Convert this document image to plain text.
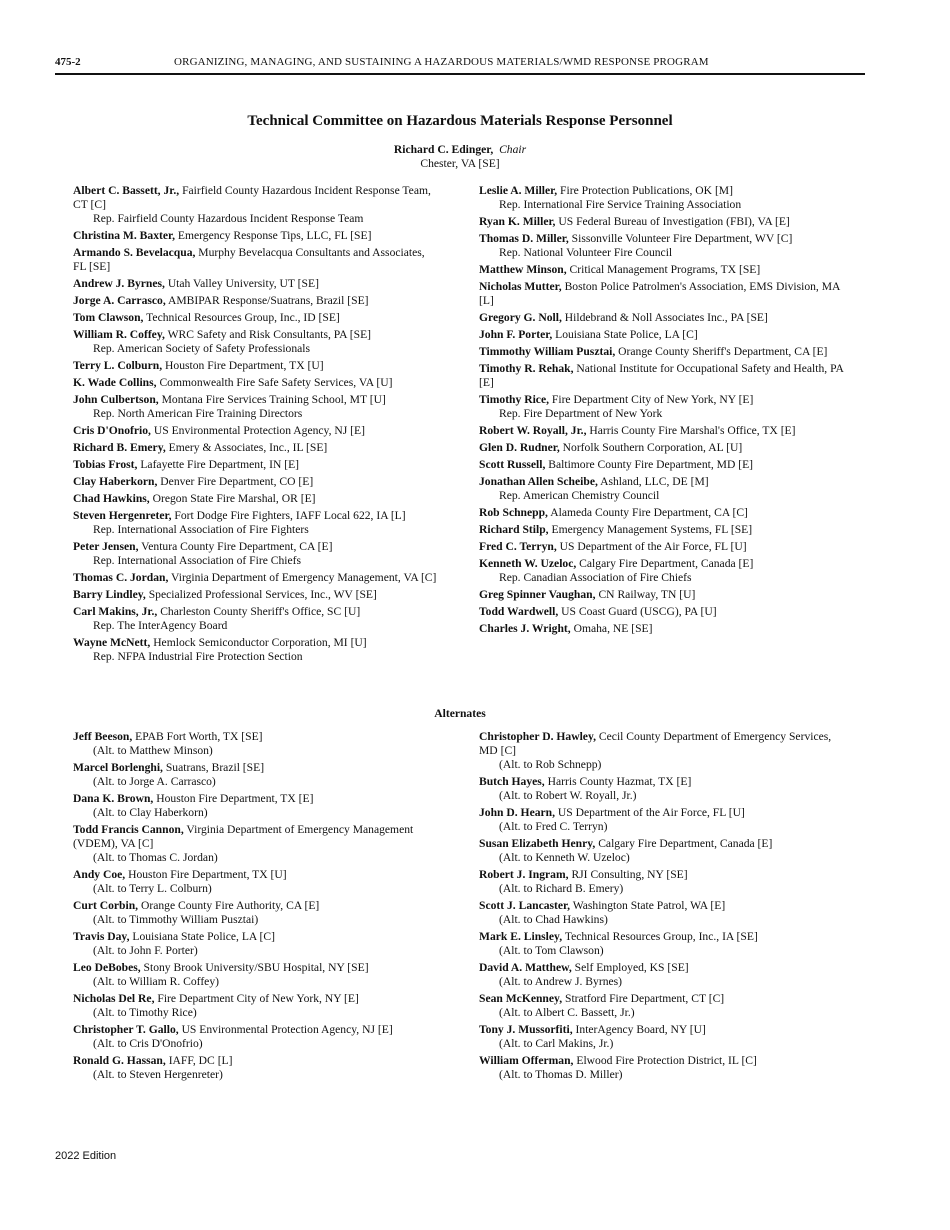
475-2	ORGANIZING, MANAGING, AND SUSTAINING A HAZARDOUS MATERIALS/WMD RESPONSE PROGRAM
Technical Committee on Hazardous Materials Response Personnel
Richard C. Edinger, Chair
Chester, VA [SE]
Albert C. Bassett, Jr., Fairfield County Hazardous Incident Response Team, CT [C]
Rep. Fairfield County Hazardous Incident Response Team
Christina M. Baxter, Emergency Response Tips, LLC, FL [SE]
Armando S. Bevelacqua, Murphy Bevelacqua Consultants and Associates, FL [SE]
Andrew J. Byrnes, Utah Valley University, UT [SE]
Jorge A. Carrasco, AMBIPAR Response/Suatrans, Brazil [SE]
Tom Clawson, Technical Resources Group, Inc., ID [SE]
William R. Coffey, WRC Safety and Risk Consultants, PA [SE]
Rep. American Society of Safety Professionals
Terry L. Colburn, Houston Fire Department, TX [U]
K. Wade Collins, Commonwealth Fire Safe Safety Services, VA [U]
John Culbertson, Montana Fire Services Training School, MT [U]
Rep. North American Fire Training Directors
Cris D'Onofrio, US Environmental Protection Agency, NJ [E]
Richard B. Emery, Emery & Associates, Inc., IL [SE]
Tobias Frost, Lafayette Fire Department, IN [E]
Clay Haberkorn, Denver Fire Department, CO [E]
Chad Hawkins, Oregon State Fire Marshal, OR [E]
Steven Hergenreter, Fort Dodge Fire Fighters, IAFF Local 622, IA [L]
Rep. International Association of Fire Fighters
Peter Jensen, Ventura County Fire Department, CA [E]
Rep. International Association of Fire Chiefs
Thomas C. Jordan, Virginia Department of Emergency Management, VA [C]
Barry Lindley, Specialized Professional Services, Inc., WV [SE]
Carl Makins, Jr., Charleston County Sheriff's Office, SC [U]
Rep. The InterAgency Board
Wayne McNett, Hemlock Semiconductor Corporation, MI [U]
Rep. NFPA Industrial Fire Protection Section
Leslie A. Miller, Fire Protection Publications, OK [M]
Rep. International Fire Service Training Association
Ryan K. Miller, US Federal Bureau of Investigation (FBI), VA [E]
Thomas D. Miller, Sissonville Volunteer Fire Department, WV [C]
Rep. National Volunteer Fire Council
Matthew Minson, Critical Management Programs, TX [SE]
Nicholas Mutter, Boston Police Patrolmen's Association, EMS Division, MA [L]
Gregory G. Noll, Hildebrand & Noll Associates Inc., PA [SE]
John F. Porter, Louisiana State Police, LA [C]
Timmothy William Pusztai, Orange County Sheriff's Department, CA [E]
Timothy R. Rehak, National Institute for Occupational Safety and Health, PA [E]
Timothy Rice, Fire Department City of New York, NY [E]
Rep. Fire Department of New York
Robert W. Royall, Jr., Harris County Fire Marshal's Office, TX [E]
Glen D. Rudner, Norfolk Southern Corporation, AL [U]
Scott Russell, Baltimore County Fire Department, MD [E]
Jonathan Allen Scheibe, Ashland, LLC, DE [M]
Rep. American Chemistry Council
Rob Schnepp, Alameda County Fire Department, CA [C]
Richard Stilp, Emergency Management Systems, FL [SE]
Fred C. Terryn, US Department of the Air Force, FL [U]
Kenneth W. Uzeloc, Calgary Fire Department, Canada [E]
Rep. Canadian Association of Fire Chiefs
Greg Spinner Vaughan, CN Railway, TN [U]
Todd Wardwell, US Coast Guard (USCG), PA [U]
Charles J. Wright, Omaha, NE [SE]
Alternates
Jeff Beeson, EPAB Fort Worth, TX [SE]
(Alt. to Matthew Minson)
Marcel Borlenghi, Suatrans, Brazil [SE]
(Alt. to Jorge A. Carrasco)
Dana K. Brown, Houston Fire Department, TX [E]
(Alt. to Clay Haberkorn)
Todd Francis Cannon, Virginia Department of Emergency Management (VDEM), VA [C]
(Alt. to Thomas C. Jordan)
Andy Coe, Houston Fire Department, TX [U]
(Alt. to Terry L. Colburn)
Curt Corbin, Orange County Fire Authority, CA [E]
(Alt. to Timmothy William Pusztai)
Travis Day, Louisiana State Police, LA [C]
(Alt. to John F. Porter)
Leo DeBobes, Stony Brook University/SBU Hospital, NY [SE]
(Alt. to William R. Coffey)
Nicholas Del Re, Fire Department City of New York, NY [E]
(Alt. to Timothy Rice)
Christopher T. Gallo, US Environmental Protection Agency, NJ [E]
(Alt. to Cris D'Onofrio)
Ronald G. Hassan, IAFF, DC [L]
(Alt. to Steven Hergenreter)
Christopher D. Hawley, Cecil County Department of Emergency Services, MD [C]
(Alt. to Rob Schnepp)
Butch Hayes, Harris County Hazmat, TX [E]
(Alt. to Robert W. Royall, Jr.)
John D. Hearn, US Department of the Air Force, FL [U]
(Alt. to Fred C. Terryn)
Susan Elizabeth Henry, Calgary Fire Department, Canada [E]
(Alt. to Kenneth W. Uzeloc)
Robert J. Ingram, RJI Consulting, NY [SE]
(Alt. to Richard B. Emery)
Scott J. Lancaster, Washington State Patrol, WA [E]
(Alt. to Chad Hawkins)
Mark E. Linsley, Technical Resources Group, Inc., IA [SE]
(Alt. to Tom Clawson)
David A. Matthew, Self Employed, KS [SE]
(Alt. to Andrew J. Byrnes)
Sean McKenney, Stratford Fire Department, CT [C]
(Alt. to Albert C. Bassett, Jr.)
Tony J. Mussorfiti, InterAgency Board, NY [U]
(Alt. to Carl Makins, Jr.)
William Offerman, Elwood Fire Protection District, IL [C]
(Alt. to Thomas D. Miller)
2022 Edition
